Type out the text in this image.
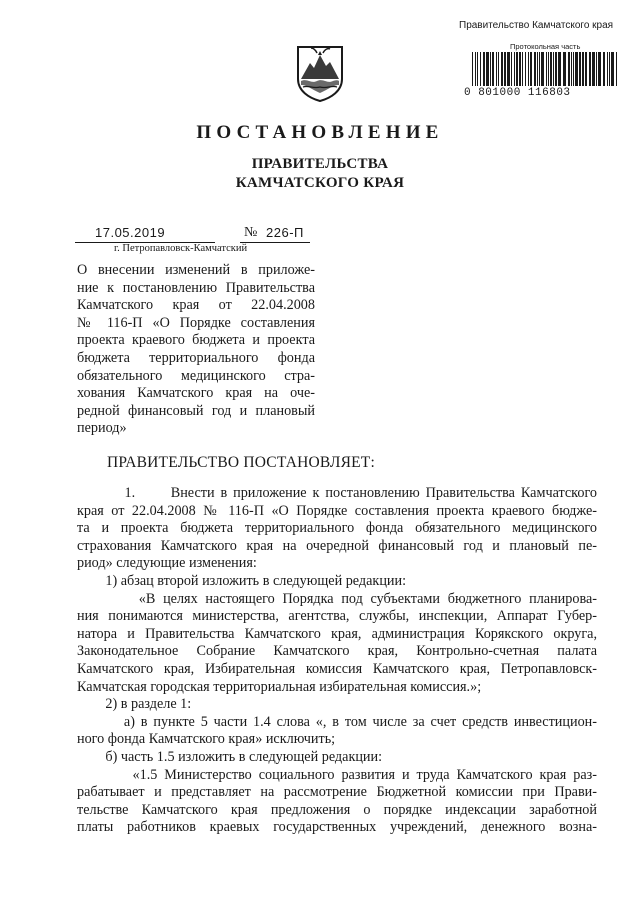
Правительство Камчатского края
Протокольная часть
0 801000 116803
ПОСТАНОВЛЕНИЕ
ПРАВИТЕЛЬСТВА
КАМЧАТСКОГО КРАЯ
17.05.2019	№ 226-П
г. Петропавловск-Камчатский
О внесении изменений в приложе-
ние к постановлению Правительства
Камчатского края от 22.04.2008
№ 116-П «О Порядке составления
проекта краевого бюджета и проекта
бюджета территориального фонда
обязательного медицинского стра-
хования Камчатского края на оче-
редной финансовый год и плановый
период»
ПРАВИТЕЛЬСТВО ПОСТАНОВЛЯЕТ:
1.      Внести в приложение к постановлению Правительства Камчатского
края от 22.04.2008 № 116-П «О Порядке составления проекта краевого бюдже-
та и проекта бюджета территориального фонда обязательного медицинского
страхования Камчатского края на очередной финансовый год и плановый пе-
риод» следующие изменения:
1) абзац второй изложить в следующей редакции:
«В целях настоящего Порядка под субъектами бюджетного планирова-
ния понимаются министерства, агентства, службы, инспекции, Аппарат Губер-
натора и Правительства Камчатского края, администрация Корякского округа,
Законодательное Собрание Камчатского края, Контрольно-счетная палата
Камчатского края, Избирательная комиссия Камчатского края, Петропавловск-
Камчатская городская территориальная избирательная комиссия.»;
2) в разделе 1:
а) в пункте 5 части 1.4 слова «, в том числе за счет средств инвестицион-
ного фонда Камчатского края» исключить;
б) часть 1.5 изложить в следующей редакции:
«1.5 Министерство социального развития и труда Камчатского края раз-
рабатывает и представляет на рассмотрение Бюджетной комиссии при Прави-
тельстве Камчатского края предложения о порядке индексации заработной
платы работников краевых государственных учреждений, денежного возна-
